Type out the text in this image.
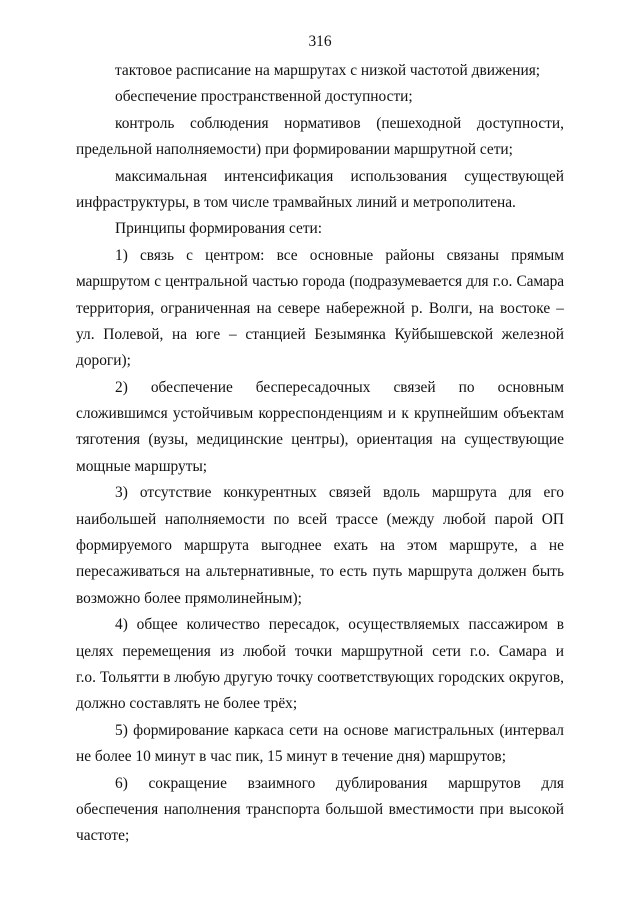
316
тактовое расписание на маршрутах с низкой частотой движения;
обеспечение пространственной доступности;
контроль соблюдения нормативов (пешеходной доступности,
предельной наполняемости) при формировании маршрутной сети;
максимальная интенсификация использования существующей
инфраструктуры, в том числе трамвайных линий и метрополитена.
Принципы формирования сети:
1) связь с центром: все основные районы связаны прямым
маршрутом с центральной частью города (подразумевается для г.о. Самара
территория, ограниченная на севере набережной р. Волги, на востоке –
ул. Полевой, на юге – станцией Безымянка Куйбышевской железной
дороги);
2) обеспечение беспересадочных связей по основным
сложившимся устойчивым корреспонденциям и к крупнейшим объектам
тяготения (вузы, медицинские центры), ориентация на существующие
мощные маршруты;
3) отсутствие конкурентных связей вдоль маршрута для его
наибольшей наполняемости по всей трассе (между любой парой ОП
формируемого маршрута выгоднее ехать на этом маршруте, а не
пересаживаться на альтернативные, то есть путь маршрута должен быть
возможно более прямолинейным);
4) общее количество пересадок, осуществляемых пассажиром в
целях перемещения из любой точки маршрутной сети г.о. Самара и
г.о. Тольятти в любую другую точку соответствующих городских округов,
должно составлять не более трёх;
5) формирование каркаса сети на основе магистральных (интервал
не более 10 минут в час пик, 15 минут в течение дня) маршрутов;
6) сокращение взаимного дублирования маршрутов для
обеспечения наполнения транспорта большой вместимости при высокой
частоте;
